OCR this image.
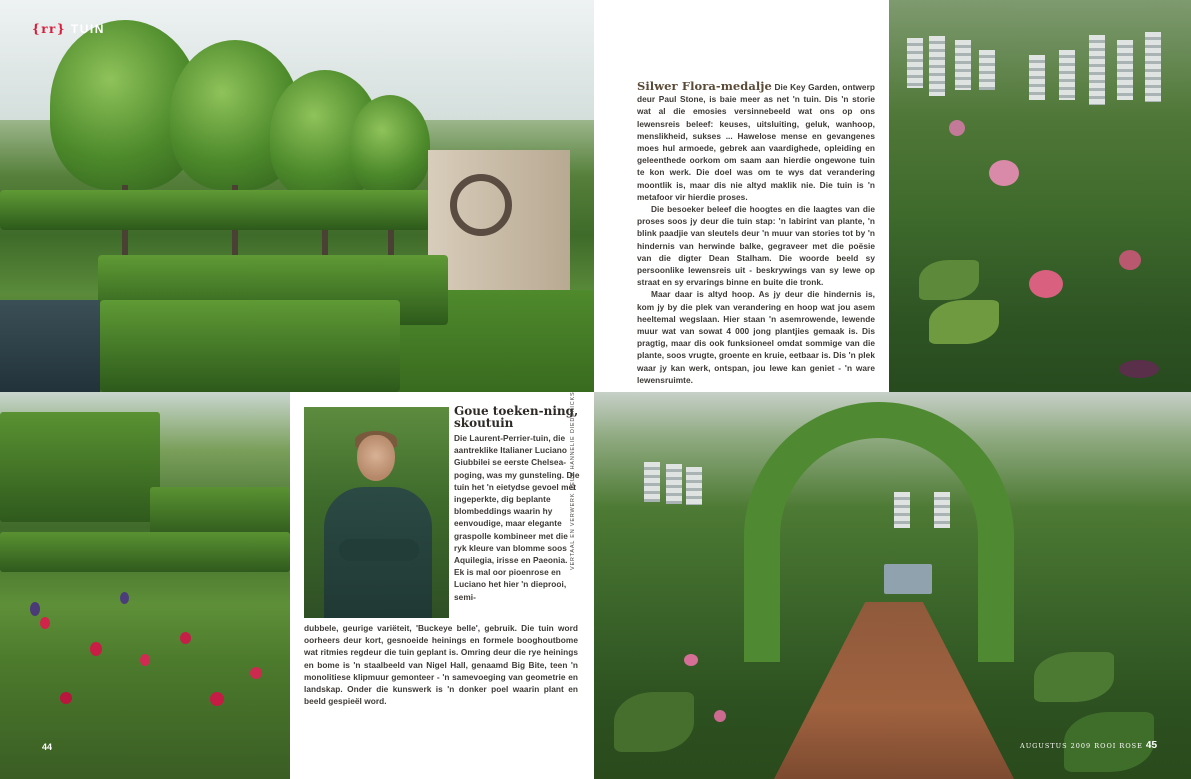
{rr} TUIN

Silwer Flora-medalje Die Key Garden, ontwerp deur Paul Stone, is baie meer as net 'n tuin. Dis 'n storie wat al die emosies versinnebeeld wat ons op ons lewensreis beleef: keuses, uitsluiting, geluk, wanhoop, menslikheid, sukses ... Hawelose mense en gevangenes moes hul armoede, gebrek aan vaardighede, opleiding en geleenthede oorkom om saam aan hierdie ongewone tuin te kon werk. Die doel was om te wys dat verandering moontlik is, maar dis nie altyd maklik nie. Die tuin is 'n metafoor vir hierdie proses.

Die besoeker beleef die hoogtes en die laagtes van die proses soos jy deur die tuin stap: 'n labirint van plante, 'n blink paadjie van sleutels deur 'n muur van stories tot by 'n hindernis van herwinde balke, gegraveer met die poësie van die digter Dean Stalham. Die woorde beeld sy persoonlike lewensreis uit - beskrywings van sy lewe op straat en sy ervarings binne en buite die tronk.

Maar daar is altyd hoop. As jy deur die hindernis is, kom jy by die plek van verandering en hoop wat jou asem heeltemal wegslaan. Hier staan 'n asemrowende, lewende muur wat van sowat 4 000 jong plantjies gemaak is. Dis pragtig, maar dis ook funksioneel omdat sommige van die plante, soos vrugte, groente en kruie, eetbaar is. Dis 'n plek waar jy kan werk, ontspan, jou lewe kan geniet - 'n ware lewensruimte.

Goue toeken-ning, skoutuin
Die Laurent-Perrier-tuin, die aantreklike Italianer Luciano Giubbilei se eerste Chelsea-poging, was my gunsteling. Die tuin het 'n eietydse gevoel met ingeperkte, dig beplante blombeddings waarin hy eenvoudige, maar elegante graspolle kombineer met die ryk kleure van blomme soos Aquilegia, irisse en Paeonia. Ek is mal oor pioenrose en Luciano het hier 'n dieprooi, semi-
dubbele, geurige variëteit, 'Buckeye belle', gebruik. Die tuin word oorheers deur kort, gesnoeide heinings en formele booghoutbome wat ritmies regdeur die tuin geplant is. Omring deur die rye heinings en bome is 'n staalbeeld van Nigel Hall, genaamd Big Bite, teen 'n monolitiese klipmuur gemonteer - 'n samevoeging van geometrie en landskap. Onder die kunswerk is 'n donker poel waarin plant en beeld gespieël word.
VERTAAL EN VERWERK DEUR HANNELIE DIEDERICKS
44	AUGUSTUS 2009 ROOI ROSE 45
